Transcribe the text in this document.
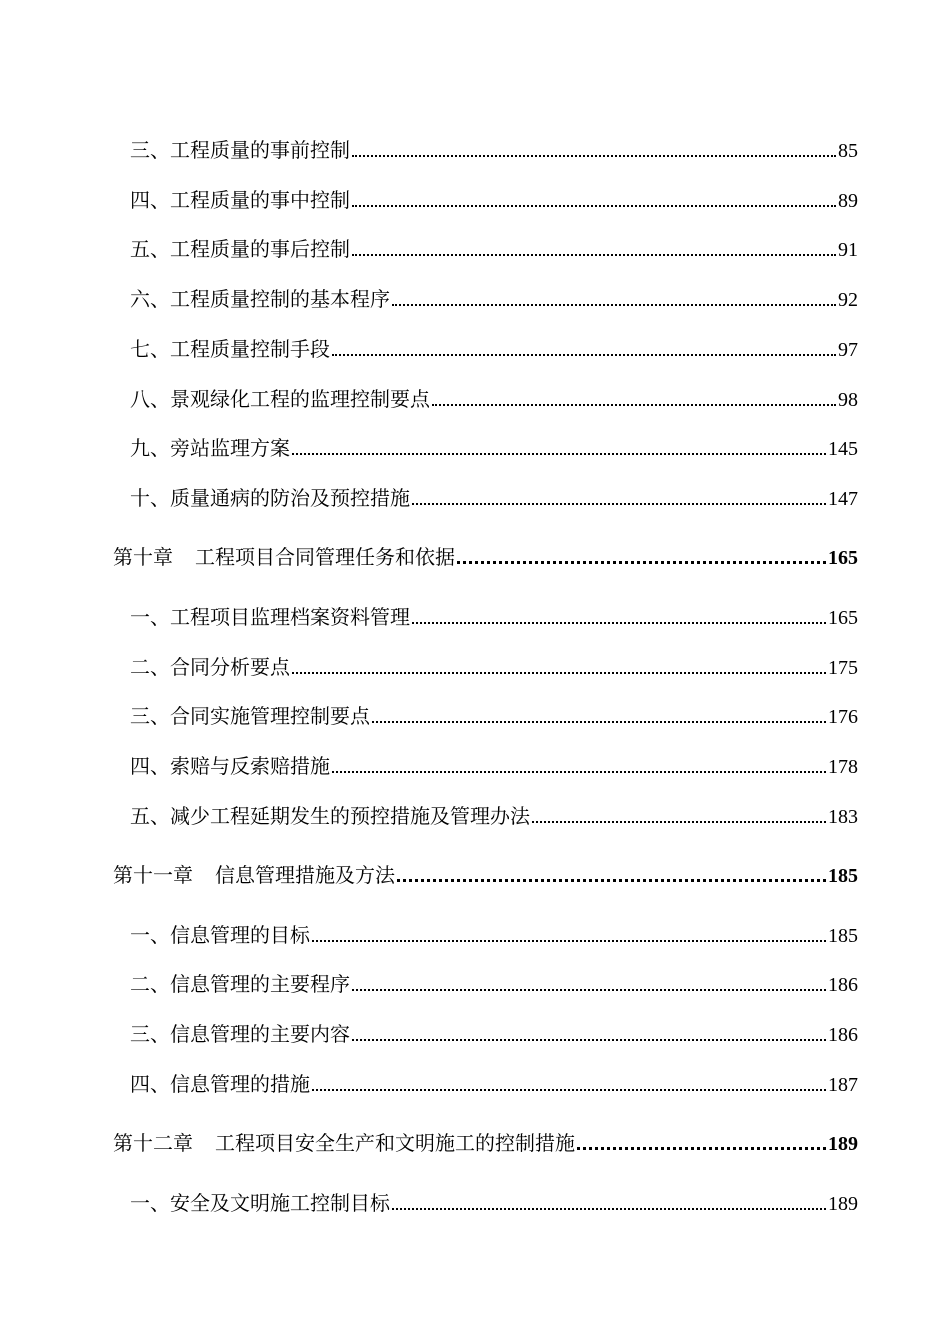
三、工程质量的事前控制	85
四、工程质量的事中控制	89
五、工程质量的事后控制	91
六、工程质量控制的基本程序	92
七、工程质量控制手段	97
八、景观绿化工程的监理控制要点	98
九、旁站监理方案	145
十、质量通病的防治及预控措施	147
第十章 工程项目合同管理任务和依据	165
一、工程项目监理档案资料管理	165
二、合同分析要点	175
三、合同实施管理控制要点	176
四、索赔与反索赔措施	178
五、减少工程延期发生的预控措施及管理办法	183
第十一章 信息管理措施及方法	185
一、信息管理的目标	185
二、信息管理的主要程序	186
三、信息管理的主要内容	186
四、信息管理的措施	187
第十二章 工程项目安全生产和文明施工的控制措施	189
一、安全及文明施工控制目标	189
